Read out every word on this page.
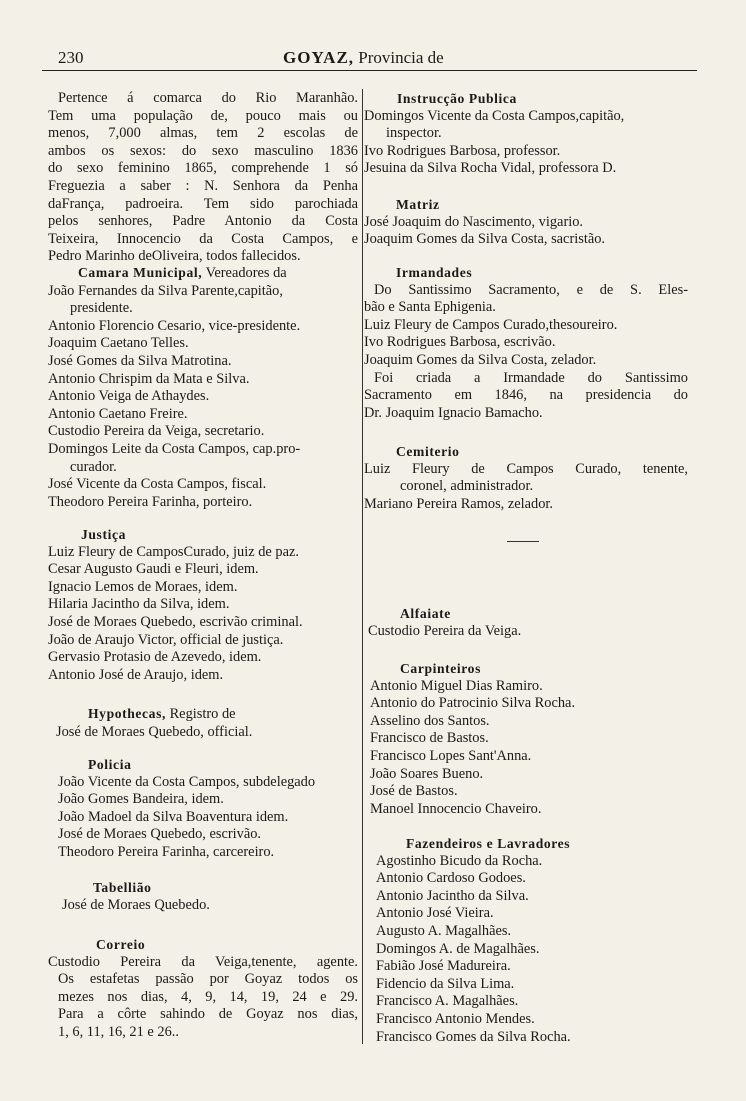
230	GOYAZ, Provincia de
Pertence á comarca do Rio Maranhão.
Tem uma população de, pouco mais ou
menos, 7,000 almas, tem 2 escolas de
ambos os sexos: do sexo masculino 1836
do sexo feminino 1865, comprehende 1 só
Freguezia a saber : N. Senhora da Penha
daFrança, padroeira. Tem sido parochiada
pelos senhores, Padre Antonio da Costa
Teixeira, Innocencio da Costa Campos, e
Pedro Marinho deOliveira, todos fallecidos.
Camara Municipal, Vereadores da
João Fernandes da Silva Parente,capitão,
presidente.
Antonio Florencio Cesario, vice-presidente.
Joaquim Caetano Telles.
José Gomes da Silva Matrotina.
Antonio Chrispim da Mata e Silva.
Antonio Veiga de Athaydes.
Antonio Caetano Freire.
Custodio Pereira da Veiga, secretario.
Domingos Leite da Costa Campos, cap.pro-
curador.
José Vicente da Costa Campos, fiscal.
Theodoro Pereira Farinha, porteiro.
Justiça
Luiz Fleury de CamposCurado, juiz de paz.
Cesar Augusto Gaudi e Fleuri, idem.
Ignacio Lemos de Moraes, idem.
Hilaria Jacintho da Silva, idem.
José de Moraes Quebedo, escrivão criminal.
João de Araujo Victor, official de justiça.
Gervasio Protasio de Azevedo, idem.
Antonio José de Araujo, idem.
Hypothecas, Registro de
José de Moraes Quebedo, official.
Policia
João Vicente da Costa Campos, subdelegado
João Gomes Bandeira, idem.
João Madoel da Silva Boaventura idem.
José de Moraes Quebedo, escrivão.
Theodoro Pereira Farinha, carcereiro.
Tabellião
José de Moraes Quebedo.
Correio
Custodio Pereira da Veiga,tenente, agente.
Os estafetas passão por Goyaz todos os
mezes nos dias, 4, 9, 14, 19, 24 e 29.
Para a côrte sahindo de Goyaz nos dias,
1, 6, 11, 16, 21 e 26..
Instrucção Publica
Domingos Vicente da Costa Campos,capitão,
inspector.
Ivo Rodrigues Barbosa, professor.
Jesuina da Silva Rocha Vidal, professora D.
Matriz
José Joaquim do Nascimento, vigario.
Joaquim Gomes da Silva Costa, sacristão.
Irmandades
Do Santissimo Sacramento, e de S. Eles-
bão e Santa Ephigenia.
Luiz Fleury de Campos Curado,thesoureiro.
Ivo Rodrigues Barbosa, escrivão.
Joaquim Gomes da Silva Costa, zelador.
Foi criada a Irmandade do Santissimo
Sacramento em 1846, na presidencia do
Dr. Joaquim Ignacio Bamacho.
Cemiterio
Luiz Fleury de Campos Curado, tenente,
coronel, administrador.
Mariano Pereira Ramos, zelador.
Alfaiate
Custodio Pereira da Veiga.
Carpinteiros
Antonio Miguel Dias Ramiro.
Antonio do Patrocinio Silva Rocha.
Asselino dos Santos.
Francisco de Bastos.
Francisco Lopes Sant'Anna.
João Soares Bueno.
José de Bastos.
Manoel Innocencio Chaveiro.
Fazendeiros e Lavradores
Agostinho Bicudo da Rocha.
Antonio Cardoso Godoes.
Antonio Jacintho da Silva.
Antonio José Vieira.
Augusto A. Magalhães.
Domingos A. de Magalhães.
Fabião José Madureira.
Fidencio da Silva Lima.
Francisco A. Magalhães.
Francisco Antonio Mendes.
Francisco Gomes da Silva Rocha.
